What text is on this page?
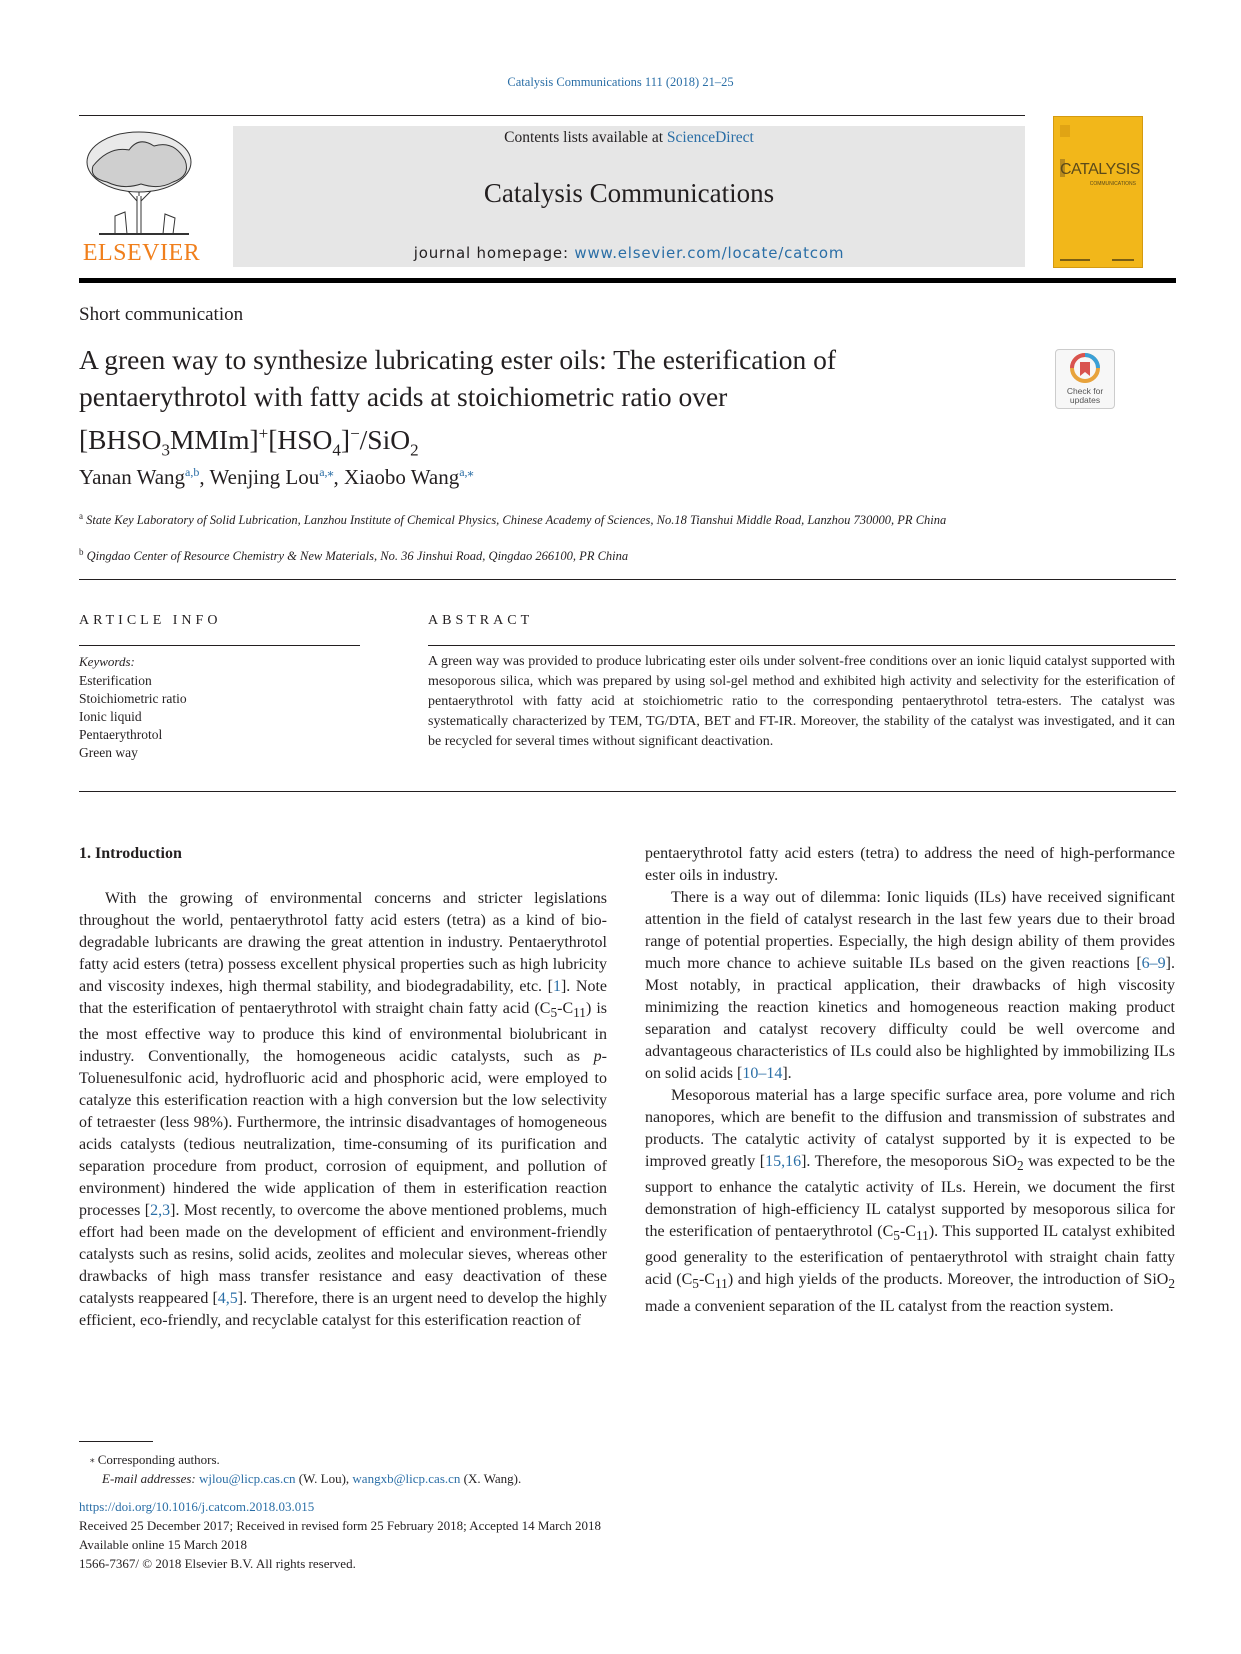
Catalysis Communications 111 (2018) 21–25
ELSEVIER
Contents lists available at ScienceDirect
Catalysis Communications
journal homepage: www.elsevier.com/locate/catcom
CATALYSIS
COMMUNICATIONS
Short communication
A green way to synthesize lubricating ester oils: The esterification of
pentaerythrotol with fatty acids at stoichiometric ratio over
$[BHSO_3MMIm]^+[HSO_4]^-/SiO_2$
Check for updates
Yanan Wang$^{a,b}$, Wenjing Lou$^{a,⁎}$, Xiaobo Wang$^{a,⁎}$
$^a$ State Key Laboratory of Solid Lubrication, Lanzhou Institute of Chemical Physics, Chinese Academy of Sciences, No.18 Tianshui Middle Road, Lanzhou 730000, PR China
$^b$ Qingdao Center of Resource Chemistry & New Materials, No. 36 Jinshui Road, Qingdao 266100, PR China
ARTICLE INFO
Keywords:
Esterification
Stoichiometric ratio
Ionic liquid
Pentaerythrotol
Green way
ABSTRACT
A green way was provided to produce lubricating ester oils under solvent-free conditions over an ionic liquid catalyst supported with mesoporous silica, which was prepared by using sol-gel method and exhibited high activity and selectivity for the esterification of pentaerythrotol with fatty acid at stoichiometric ratio to the corresponding pentaerythrotol tetra-esters. The catalyst was systematically characterized by TEM, TG/DTA, BET and FT-IR. Moreover, the stability of the catalyst was investigated, and it can be recycled for several times without significant deactivation.
1. Introduction

With the growing of environmental concerns and stricter legislations throughout the world, pentaerythrotol fatty acid esters (tetra) as a kind of bio-degradable lubricants are drawing the great attention in industry. Pentaerythrotol fatty acid esters (tetra) possess excellent physical properties such as high lubricity and viscosity indexes, high thermal stability, and biodegradability, etc. [1]. Note that the esterification of pentaerythrotol with straight chain fatty acid $(C_5-C_{11})$ is the most effective way to produce this kind of environmental biolubricant in industry. Conventionally, the homogeneous acidic catalysts, such as p-Toluenesulfonic acid, hydrofluoric acid and phosphoric acid, were employed to catalyze this esterification reaction with a high conversion but the low selectivity of tetraester (less 98%). Furthermore, the intrinsic disadvantages of homogeneous acids catalysts (tedious neutralization, time-consuming of its purification and separation procedure from product, corrosion of equipment, and pollution of environment) hindered the wide application of them in esterification reaction processes [2,3]. Most recently, to overcome the above mentioned problems, much effort had been made on the development of efficient and environment-friendly catalysts such as resins, solid acids, zeolites and molecular sieves, whereas other drawbacks of high mass transfer resistance and easy deactivation of these catalysts reappeared [4,5]. Therefore, there is an urgent need to develop the highly efficient, eco-friendly, and recyclable catalyst for this esterification reaction of

pentaerythrotol fatty acid esters (tetra) to address the need of high-performance ester oils in industry.

There is a way out of dilemma: Ionic liquids (ILs) have received significant attention in the field of catalyst research in the last few years due to their broad range of potential properties. Especially, the high design ability of them provides much more chance to achieve suitable ILs based on the given reactions [6–9]. Most notably, in practical application, their drawbacks of high viscosity minimizing the reaction kinetics and homogeneous reaction making product separation and catalyst recovery difficulty could be well overcome and advantageous characteristics of ILs could also be highlighted by immobilizing ILs on solid acids [10–14].

Mesoporous material has a large specific surface area, pore volume and rich nanopores, which are benefit to the diffusion and transmission of substrates and products. The catalytic activity of catalyst supported by it is expected to be improved greatly [15,16]. Therefore, the mesoporous SiO$_2$ was expected to be the support to enhance the catalytic activity of ILs. Herein, we document the first demonstration of high-efficiency IL catalyst supported by mesoporous silica for the esterification of pentaerythrotol $(C_5-C_{11})$. This supported IL catalyst exhibited good generality to the esterification of pentaerythrotol with straight chain fatty acid $(C_5-C_{11})$ and high yields of the products. Moreover, the introduction of SiO$_2$ made a convenient separation of the IL catalyst from the reaction system.

⁎ Corresponding authors.
E-mail addresses: wjlou@licp.cas.cn (W. Lou), wangxb@licp.cas.cn (X. Wang).
https://doi.org/10.1016/j.catcom.2018.03.015
Received 25 December 2017; Received in revised form 25 February 2018; Accepted 14 March 2018
Available online 15 March 2018
1566-7367/ © 2018 Elsevier B.V. All rights reserved.
